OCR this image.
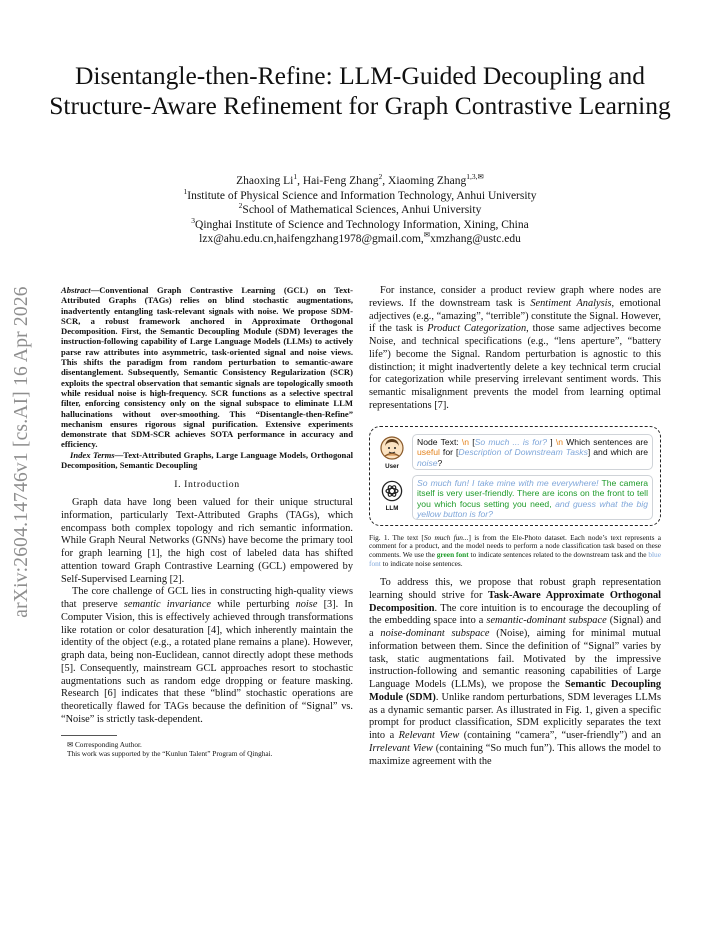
arXiv:2604.14746v1 [cs.AI] 16 Apr 2026
Disentangle-then-Refine: LLM-Guided Decoupling and Structure-Aware Refinement for Graph Contrastive Learning
Zhaoxing Li$^1$, Hai-Feng Zhang$^2$, Xiaoming Zhang$^{1,3,✉}$
$^1$Institute of Physical Science and Information Technology, Anhui University
$^2$School of Mathematical Sciences, Anhui University
$^3$Qinghai Institute of Science and Technology Information, Xining, China
lzx@ahu.edu.cn,haifengzhang1978@gmail.com,✉xmzhang@ustc.edu
Abstract—Conventional Graph Contrastive Learning (GCL) on Text-Attributed Graphs (TAGs) relies on blind stochastic augmentations, inadvertently entangling task-relevant signals with noise. We propose SDM-SCR, a robust framework anchored in Approximate Orthogonal Decomposition. First, the Semantic Decoupling Module (SDM) leverages the instruction-following capability of Large Language Models (LLMs) to actively parse raw attributes into asymmetric, task-oriented signal and noise views. This shifts the paradigm from random perturbation to semantic-aware disentanglement. Subsequently, Semantic Consistency Regularization (SCR) exploits the spectral observation that semantic signals are topologically smooth while residual noise is high-frequency. SCR functions as a selective spectral filter, enforcing consistency only on the signal subspace to eliminate LLM hallucinations without over-smoothing. This “Disentangle-then-Refine” mechanism ensures rigorous signal purification. Extensive experiments demonstrate that SDM-SCR achieves SOTA performance in accuracy and efficiency.
Index Terms—Text-Attributed Graphs, Large Language Models, Orthogonal Decomposition, Semantic Decoupling
I. Introduction

Graph data have long been valued for their unique structural information, particularly Text-Attributed Graphs (TAGs), which encompass both complex topology and rich semantic information. While Graph Neural Networks (GNNs) have become the primary tool for graph learning [1], the high cost of labeled data has shifted attention toward Graph Contrastive Learning (GCL) empowered by Self-Supervised Learning [2].

The core challenge of GCL lies in constructing high-quality views that preserve semantic invariance while perturbing noise [3]. In Computer Vision, this is effectively achieved through transformations like rotation or color desaturation [4], which inherently maintain the identity of the object (e.g., a rotated plane remains a plane). However, graph data, being non-Euclidean, cannot directly adopt these methods [5]. Consequently, mainstream GCL approaches resort to stochastic augmentations such as random edge dropping or feature masking. Research [6] indicates that these “blind” stochastic operations are theoretically flawed for TAGs because the definition of “Signal” vs. “Noise” is strictly task-dependent.

✉ Corresponding Author.
This work was supported by the “Kunlun Talent” Program of Qinghai.

For instance, consider a product review graph where nodes are reviews. If the downstream task is Sentiment Analysis, emotional adjectives (e.g., “amazing”, “terrible”) constitute the Signal. However, if the task is Product Categorization, those same adjectives become Noise, and technical specifications (e.g., “lens aperture”, “battery life”) become the Signal. Random perturbation is agnostic to this distinction; it might inadvertently delete a key technical term crucial for categorization while preserving irrelevant sentiment words. This semantic misalignment prevents the model from learning optimal representations [7].

User
Node Text: \n [So much ... is for? ] \n Which sentences are useful for [Description of Downstream Tasks] and which are noise?
LLM
So much fun! I take mine with me everywhere! The camera itself is very user-friendly. There are icons on the front to tell you which focus setting you need, and guess what the big yellow button is for?
Fig. 1. The text [So much fun...] is from the Ele-Photo dataset. Each node’s text represents a comment for a product, and the model needs to perform a node classification task based on these comments. We use the green font to indicate sentences related to the downstream task and the blue font to indicate noise sentences.

To address this, we propose that robust graph representation learning should strive for Task-Aware Approximate Orthogonal Decomposition. The core intuition is to encourage the decoupling of the embedding space into a semantic-dominant subspace (Signal) and a noise-dominant subspace (Noise), aiming for minimal mutual information between them. Since the definition of “Signal” varies by task, static augmentations fail. Motivated by the impressive instruction-following and semantic reasoning capabilities of Large Language Models (LLMs), we propose the Semantic Decoupling Module (SDM). Unlike random perturbations, SDM leverages LLMs as a dynamic semantic parser. As illustrated in Fig. 1, given a specific prompt for product classification, SDM explicitly separates the text into a Relevant View (containing “camera”, “user-friendly”) and an Irrelevant View (containing “So much fun”). This allows the model to maximize agreement with the
